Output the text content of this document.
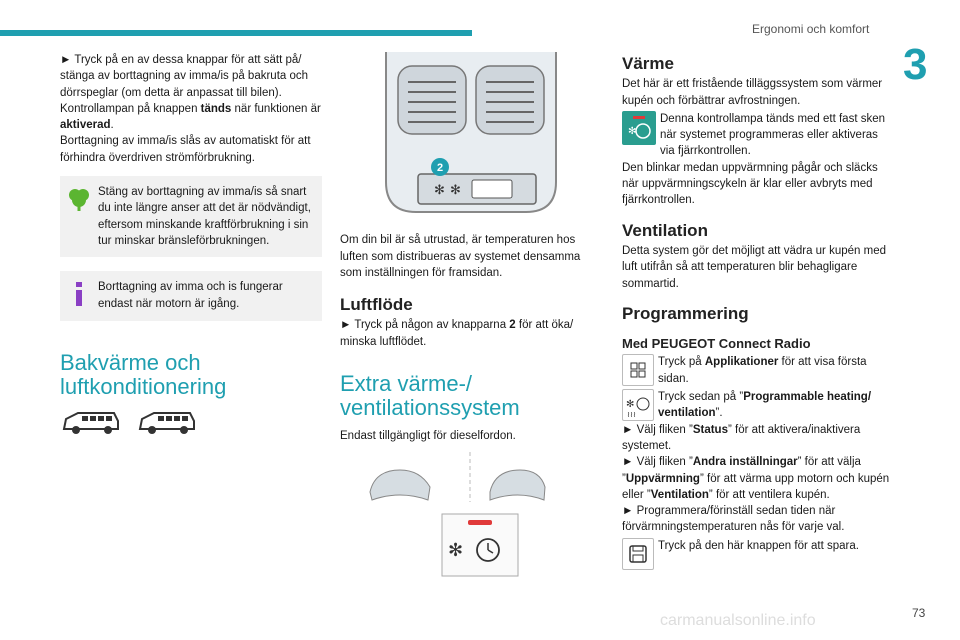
Ergonomi och komfort
3

► Tryck på en av dessa knappar för att sätt på/ stänga av borttagning av imma/is på bakruta och dörrspeglar (om detta är anpassat till bilen).

Kontrollampan på knappen tänds när funktionen är aktiverad.

Borttagning av imma/is slås av automatiskt för att förhindra överdriven strömförbrukning.

Stäng av borttagning av imma/is så snart du inte längre anser att det är nödvändigt, eftersom minskande kraftförbrukning i sin tur minskar bränsleförbrukningen.

Borttagning av imma och is fungerar endast när motorn är igång.

Bakvärme och luftkonditionering
✻ ✻
2

Om din bil är så utrustad, är temperaturen hos luften som distribueras av systemet densamma som inställningen för framsidan.

Luftflöde

► Tryck på någon av knapparna 2 för att öka/ minska luftflödet.

Extra värme-/ ventilationssystem

Endast tillgängligt för dieselfordon.

✻
Värme

Det här är ett fristående tilläggssystem som värmer kupén och förbättrar avfrostningen.

✻

Denna kontrollampa tänds med ett fast sken när systemet programmeras eller aktiveras via fjärrkontrollen.

Den blinkar medan uppvärmning pågår och släcks när uppvärmningscykeln är klar eller avbryts med fjärrkontrollen.

Ventilation

Detta system gör det möjligt att vädra ur kupén med luft utifrån så att temperaturen blir behagligare sommartid.

Programmering
Med PEUGEOT Connect Radio

Tryck på Applikationer för att visa första sidan.

✻
≀≀≀

Tryck sedan på ”Programmable heating/ ventilation”.

► Välj fliken ”Status” för att aktivera/inaktivera systemet.

► Välj fliken ”Andra inställningar” för att välja ”Uppvärmning” för att värma upp motorn och kupén eller ”Ventilation” för att ventilera kupén.

► Programmera/förinställ sedan tiden när förvärmningstemperaturen nås för varje val.

Tryck på den här knappen för att spara.

carmanualsonline.info	73
